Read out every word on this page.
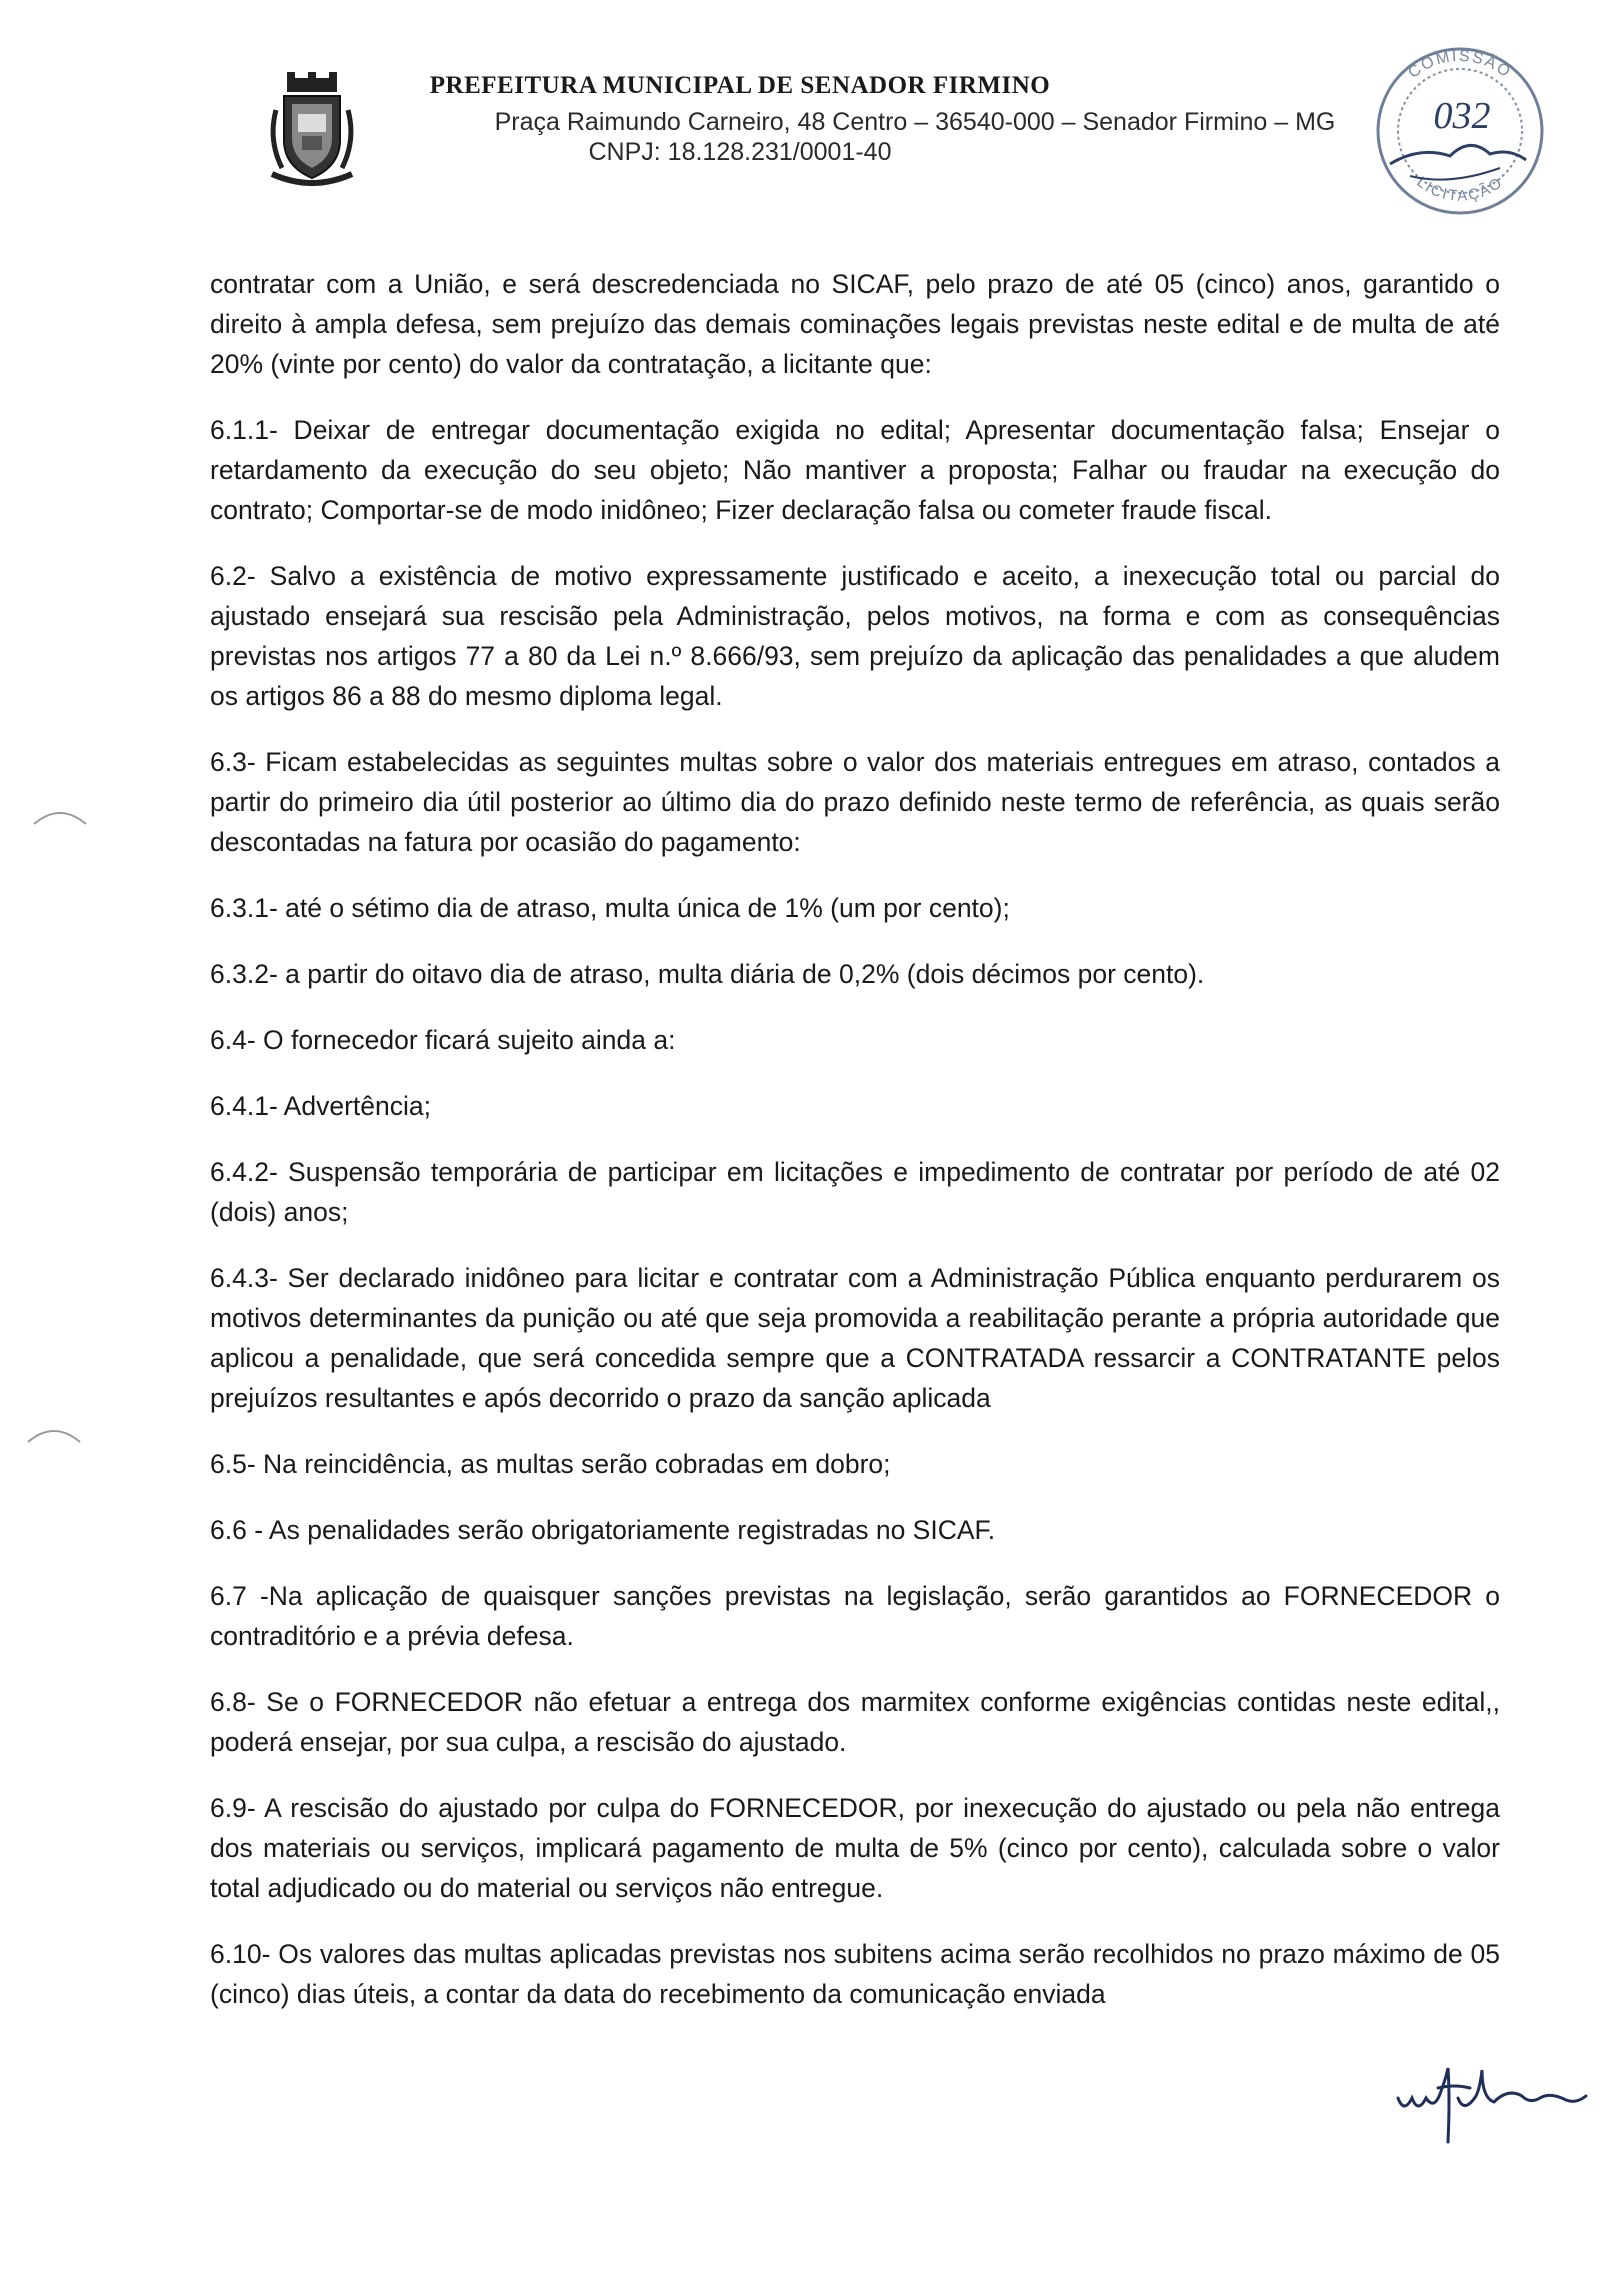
PREFEITURA MUNICIPAL DE SENADOR FIRMINO
Praça Raimundo Carneiro, 48 Centro – 36540-000 – Senador Firmino – MG
CNPJ: 18.128.231/0001-40
COMISSÃO
LICITAÇÃO
032

contratar com a União, e será descredenciada no SICAF, pelo prazo de até 05 (cinco) anos, garantido o direito à ampla defesa, sem prejuízo das demais cominações legais previstas neste edital e de multa de até 20% (vinte por cento) do valor da contratação, a licitante que:

6.1.1- Deixar de entregar documentação exigida no edital; Apresentar documentação falsa; Ensejar o retardamento da execução do seu objeto; Não mantiver a proposta; Falhar ou fraudar na execução do contrato; Comportar-se de modo inidôneo; Fizer declaração falsa ou cometer fraude fiscal.

6.2- Salvo a existência de motivo expressamente justificado e aceito, a inexecução total ou parcial do ajustado ensejará sua rescisão pela Administração, pelos motivos, na forma e com as consequências previstas nos artigos 77 a 80 da Lei n.º 8.666/93, sem prejuízo da aplicação das penalidades a que aludem os artigos 86 a 88 do mesmo diploma legal.

6.3- Ficam estabelecidas as seguintes multas sobre o valor dos materiais entregues em atraso, contados a partir do primeiro dia útil posterior ao último dia do prazo definido neste termo de referência, as quais serão descontadas na fatura por ocasião do pagamento:

6.3.1- até o sétimo dia de atraso, multa única de 1% (um por cento);

6.3.2- a partir do oitavo dia de atraso, multa diária de 0,2% (dois décimos por cento).

6.4- O fornecedor ficará sujeito ainda a:

6.4.1- Advertência;

6.4.2- Suspensão temporária de participar em licitações e impedimento de contratar por período de até 02 (dois) anos;

6.4.3- Ser declarado inidôneo para licitar e contratar com a Administração Pública enquanto perdurarem os motivos determinantes da punição ou até que seja promovida a reabilitação perante a própria autoridade que aplicou a penalidade, que será concedida sempre que a CONTRATADA ressarcir a CONTRATANTE pelos prejuízos resultantes e após decorrido o prazo da sanção aplicada

6.5- Na reincidência, as multas serão cobradas em dobro;

6.6 - As penalidades serão obrigatoriamente registradas no SICAF.

6.7 -Na aplicação de quaisquer sanções previstas na legislação, serão garantidos ao FORNECEDOR o contraditório e a prévia defesa.

6.8- Se o FORNECEDOR não efetuar a entrega dos marmitex conforme exigências contidas neste edital,, poderá ensejar, por sua culpa, a rescisão do ajustado.

6.9- A rescisão do ajustado por culpa do FORNECEDOR, por inexecução do ajustado ou pela não entrega dos materiais ou serviços, implicará pagamento de multa de 5% (cinco por cento), calculada sobre o valor total adjudicado ou do material ou serviços não entregue.

6.10- Os valores das multas aplicadas previstas nos subitens acima serão recolhidos no prazo máximo de 05 (cinco) dias úteis, a contar da data do recebimento da comunicação enviada
